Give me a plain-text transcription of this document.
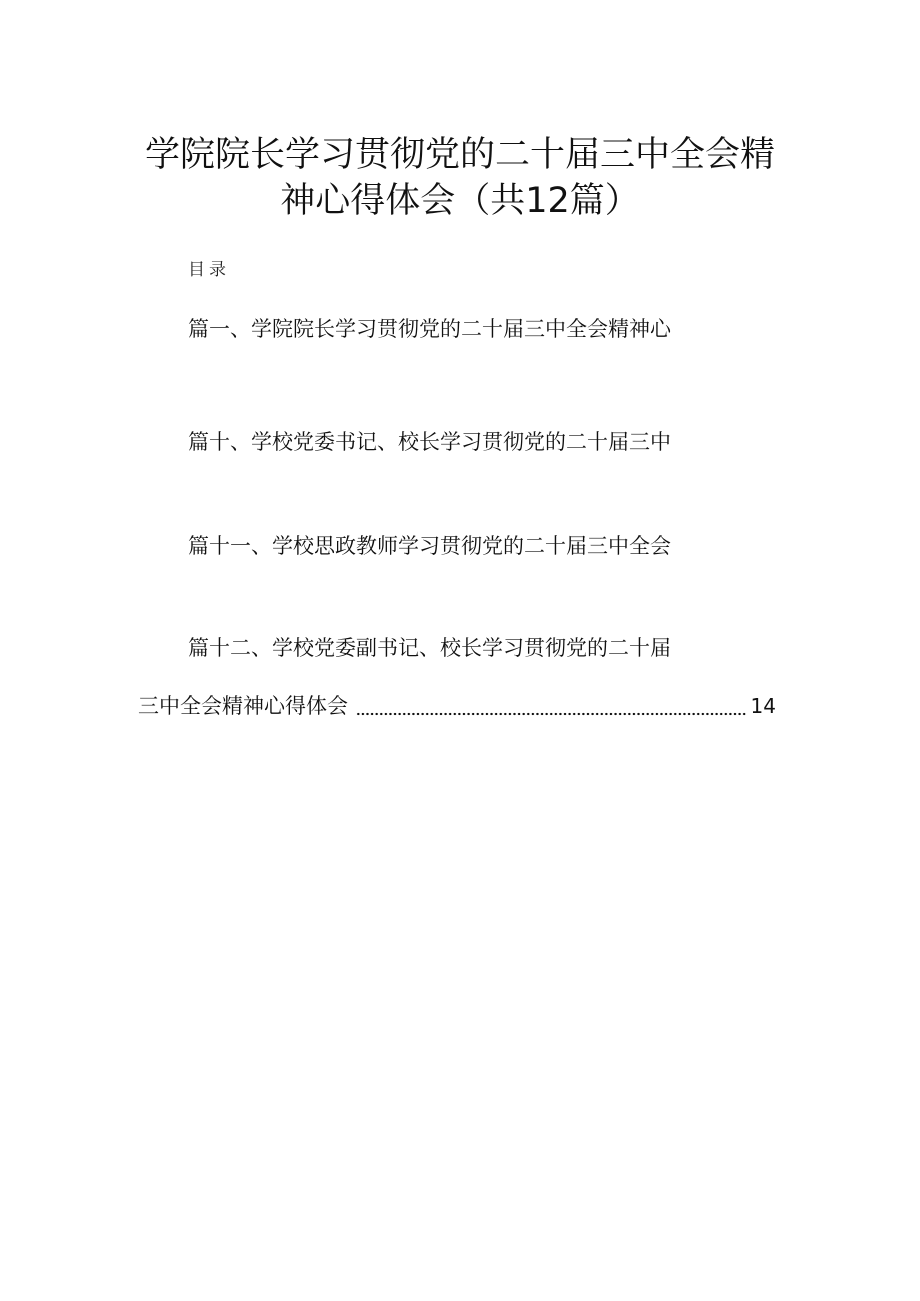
学院院长学习贯彻党的二十届三中全会精
神心得体会（共12篇）
目录
篇一、学院院长学习贯彻党的二十届三中全会精神心
篇十、学校党委书记、校长学习贯彻党的二十届三中
篇十一、学校思政教师学习贯彻党的二十届三中全会
篇十二、学校党委副书记、校长学习贯彻党的二十届
三中全会精神心得体会	14
